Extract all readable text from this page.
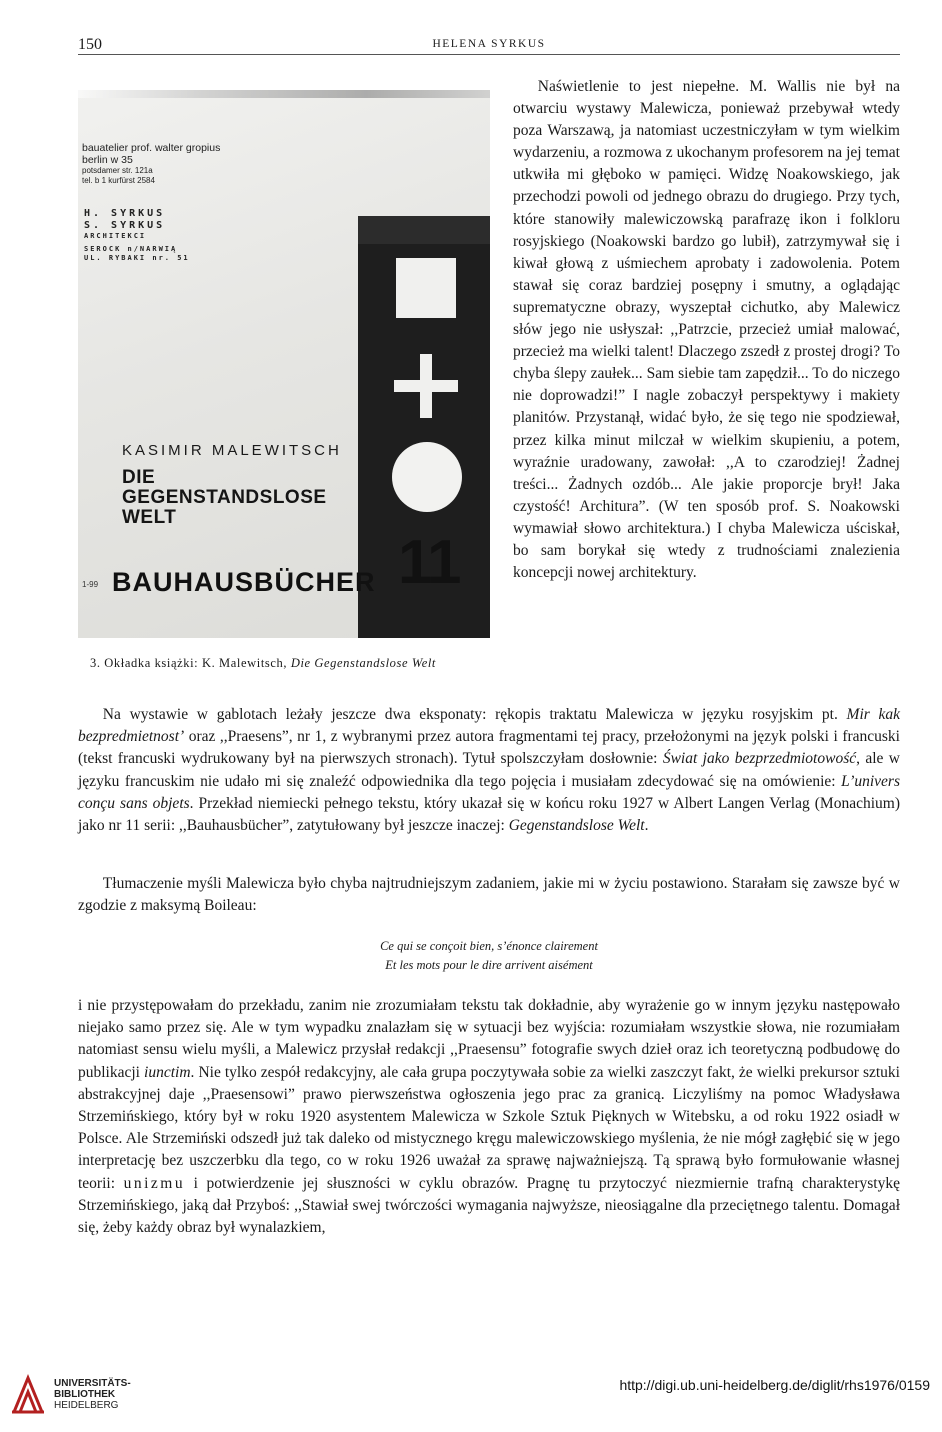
150	HELENA SYRKUS
bauatelier prof. walter gropius
berlin w 35
potsdamer str. 121a
tel. b 1 kurfürst 2584
H. SYRKUS
S. SYRKUS
ARCHITEKCI
SEROCK n/NARWIĄ
UL. RYBAKI nr. 51
KASIMIR MALEWITSCH
DIE
GEGENSTANDSLOSE
WELT
1-99 BAUHAUSBÜCHER 11
3. Okładka książki: K. Malewitsch, Die Gegenstandslose Welt

Naświetlenie to jest niepełne. M. Wallis nie był na otwarciu wystawy Malewicza, ponieważ przebywał wtedy poza Warszawą, ja natomiast uczestniczyłam w tym wielkim wydarzeniu, a rozmowa z ukochanym profesorem na jej temat utkwiła mi głęboko w pamięci. Widzę Noakowskiego, jak przechodzi powoli od jednego obrazu do drugiego. Przy tych, które stanowiły malewiczowską parafrazę ikon i folkloru rosyjskiego (Noakowski bardzo go lubił), zatrzymywał się i kiwał głową z uśmiechem aprobaty i zadowolenia. Potem stawał się coraz bardziej posępny i smutny, a oglądając suprematyczne obrazy, wyszeptał cichutko, aby Malewicz słów jego nie usłyszał: ,,Patrzcie, przecież umiał malować, przecież ma wielki talent! Dlaczego zszedł z prostej drogi? To chyba ślepy zaułek... Sam siebie tam zapędził... To do niczego nie doprowadzi!” I nagle zobaczył perspektywy i makiety planitów. Przystanął, widać było, że się tego nie spodziewał, przez kilka minut milczał w wielkim skupieniu, a potem, wyraźnie uradowany, zawołał: ,,A to czarodziej! Żadnej treści... Żadnych ozdób... Ale jakie proporcje brył! Jaka czystość! Architura”. (W ten sposób prof. S. Noakowski wymawiał słowo architektura.) I chyba Malewicza uściskał, bo sam borykał się wtedy z trudnościami znalezienia koncepcji nowej architektury.

Na wystawie w gablotach leżały jeszcze dwa eksponaty: rękopis traktatu Malewicza w języku rosyjskim pt. Mir kak bezpredmietnost’ oraz ,,Praesens”, nr 1, z wybranymi przez autora fragmentami tej pracy, przełożonymi na język polski i francuski (tekst francuski wydrukowany był na pierwszych stronach). Tytuł spolszczyłam dosłownie: Świat jako bezprzedmiotowość, ale w języku francuskim nie udało mi się znaleźć odpowiednika dla tego pojęcia i musiałam zdecydować się na omówienie: L’univers conçu sans objets. Przekład niemiecki pełnego tekstu, który ukazał się w końcu roku 1927 w Albert Langen Verlag (Monachium) jako nr 11 serii: ,,Bauhausbücher”, zatytułowany był jeszcze inaczej: Gegenstandslose Welt.

Tłumaczenie myśli Malewicza było chyba najtrudniejszym zadaniem, jakie mi w życiu postawiono. Starałam się zawsze być w zgodzie z maksymą Boileau:

Ce qui se conçoit bien, s’énonce clairement
Et les mots pour le dire arrivent aisément

i nie przystępowałam do przekładu, zanim nie zrozumiałam tekstu tak dokładnie, aby wyrażenie go w innym języku następowało niejako samo przez się. Ale w tym wypadku znalazłam się w sytuacji bez wyjścia: rozumiałam wszystkie słowa, nie rozumiałam natomiast sensu wielu myśli, a Malewicz przysłał redakcji ,,Praesensu” fotografie swych dzieł oraz ich teoretyczną podbudowę do publikacji iunctim. Nie tylko zespół redakcyjny, ale cała grupa poczytywała sobie za wielki zaszczyt fakt, że wielki prekursor sztuki abstrakcyjnej daje ,,Praesensowi” prawo pierwszeństwa ogłoszenia jego prac za granicą. Liczyliśmy na pomoc Władysława Strzemińskiego, który był w roku 1920 asystentem Malewicza w Szkole Sztuk Pięknych w Witebsku, a od roku 1922 osiadł w Polsce. Ale Strzemiński odszedł już tak daleko od mistycznego kręgu malewiczowskiego myślenia, że nie mógł zagłębić się w jego interpretację bez uszczerbku dla tego, co w roku 1926 uważał za sprawę najważniejszą. Tą sprawą było formułowanie własnej teorii: unizmu i potwierdzenie jej słuszności w cyklu obrazów. Pragnę tu przytoczyć niezmiernie trafną charakterystykę Strzemińskiego, jaką dał Przyboś: ,,Stawiał swej twórczości wymagania najwyższe, nieosiągalne dla przeciętnego talentu. Domagał się, żeby każdy obraz był wynalazkiem,

UNIVERSITÄTS-
BIBLIOTHEK
HEIDELBERG
http://digi.ub.uni-heidelberg.de/diglit/rhs1976/0159
